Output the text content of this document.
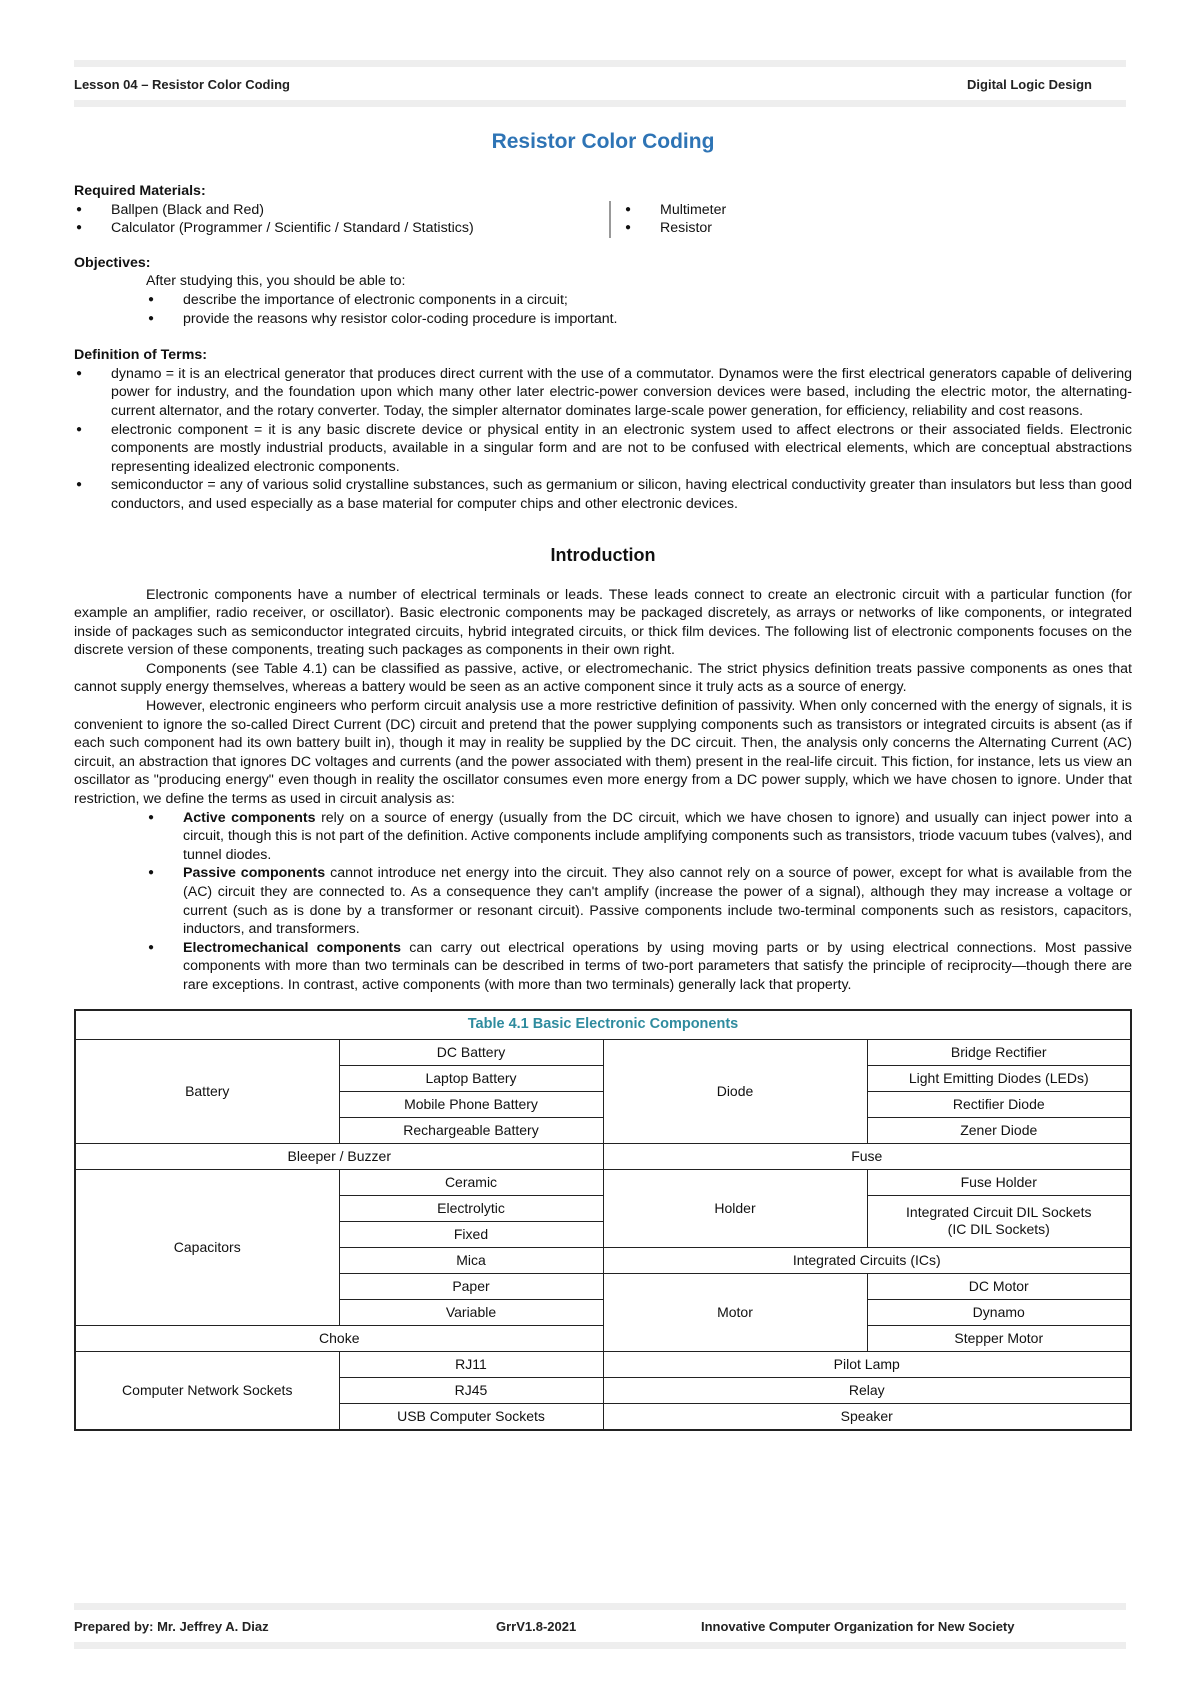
Lesson 04 – Resistor Color Coding	Digital Logic Design
Resistor Color Coding
Required Materials:
● Ballpen (Black and Red)
● Calculator (Programmer / Scientific / Standard / Statistics)
● Multimeter
● Resistor
Objectives:
After studying this, you should be able to:
● describe the importance of electronic components in a circuit;
● provide the reasons why resistor color-coding procedure is important.
Definition of Terms:
● dynamo = it is an electrical generator that produces direct current with the use of a commutator. Dynamos were the first electrical generators capable of delivering power for industry, and the foundation upon which many other later electric-power conversion devices were based, including the electric motor, the alternating-current alternator, and the rotary converter. Today, the simpler alternator dominates large-scale power generation, for efficiency, reliability and cost reasons.
● electronic component = it is any basic discrete device or physical entity in an electronic system used to affect electrons or their associated fields. Electronic components are mostly industrial products, available in a singular form and are not to be confused with electrical elements, which are conceptual abstractions representing idealized electronic components.
● semiconductor = any of various solid crystalline substances, such as germanium or silicon, having electrical conductivity greater than insulators but less than good conductors, and used especially as a base material for computer chips and other electronic devices.
Introduction

Electronic components have a number of electrical terminals or leads. These leads connect to create an electronic circuit with a particular function (for example an amplifier, radio receiver, or oscillator). Basic electronic components may be packaged discretely, as arrays or networks of like components, or integrated inside of packages such as semiconductor integrated circuits, hybrid integrated circuits, or thick film devices. The following list of electronic components focuses on the discrete version of these components, treating such packages as components in their own right.

Components (see Table 4.1) can be classified as passive, active, or electromechanic. The strict physics definition treats passive components as ones that cannot supply energy themselves, whereas a battery would be seen as an active component since it truly acts as a source of energy.

However, electronic engineers who perform circuit analysis use a more restrictive definition of passivity. When only concerned with the energy of signals, it is convenient to ignore the so-called Direct Current (DC) circuit and pretend that the power supplying components such as transistors or integrated circuits is absent (as if each such component had its own battery built in), though it may in reality be supplied by the DC circuit. Then, the analysis only concerns the Alternating Current (AC) circuit, an abstraction that ignores DC voltages and currents (and the power associated with them) present in the real-life circuit. This fiction, for instance, lets us view an oscillator as "producing energy" even though in reality the oscillator consumes even more energy from a DC power supply, which we have chosen to ignore. Under that restriction, we define the terms as used in circuit analysis as:

● Active components rely on a source of energy (usually from the DC circuit, which we have chosen to ignore) and usually can inject power into a circuit, though this is not part of the definition. Active components include amplifying components such as transistors, triode vacuum tubes (valves), and tunnel diodes.
● Passive components cannot introduce net energy into the circuit. They also cannot rely on a source of power, except for what is available from the (AC) circuit they are connected to. As a consequence they can't amplify (increase the power of a signal), although they may increase a voltage or current (such as is done by a transformer or resonant circuit). Passive components include two-terminal components such as resistors, capacitors, inductors, and transformers.
● Electromechanical components can carry out electrical operations by using moving parts or by using electrical connections. Most passive components with more than two terminals can be described in terms of two-port parameters that satisfy the principle of reciprocity—though there are rare exceptions. In contrast, active components (with more than two terminals) generally lack that property.
Table 4.1 Basic Electronic Components			
Battery	DC Battery	Diode	Bridge Rectifier
	Laptop Battery		Light Emitting Diodes (LEDs)
	Mobile Phone Battery		Rectifier Diode
	Rechargeable Battery		Zener Diode
Bleeper / Buzzer		Fuse	
Capacitors	Ceramic	Holder	Fuse Holder
	Electrolytic		Integrated Circuit DIL Sockets
(IC DIL Sockets)
	Fixed		
	Mica	Integrated Circuits (ICs)	
	Paper	Motor	DC Motor
	Variable		Dynamo
Choke			Stepper Motor
Computer Network Sockets	RJ11	Pilot Lamp	
	RJ45	Relay	
	USB Computer Sockets	Speaker	
Prepared by: Mr. Jeffrey A. Diaz	GrrV1.8-2021	Innovative Computer Organization for New Society
